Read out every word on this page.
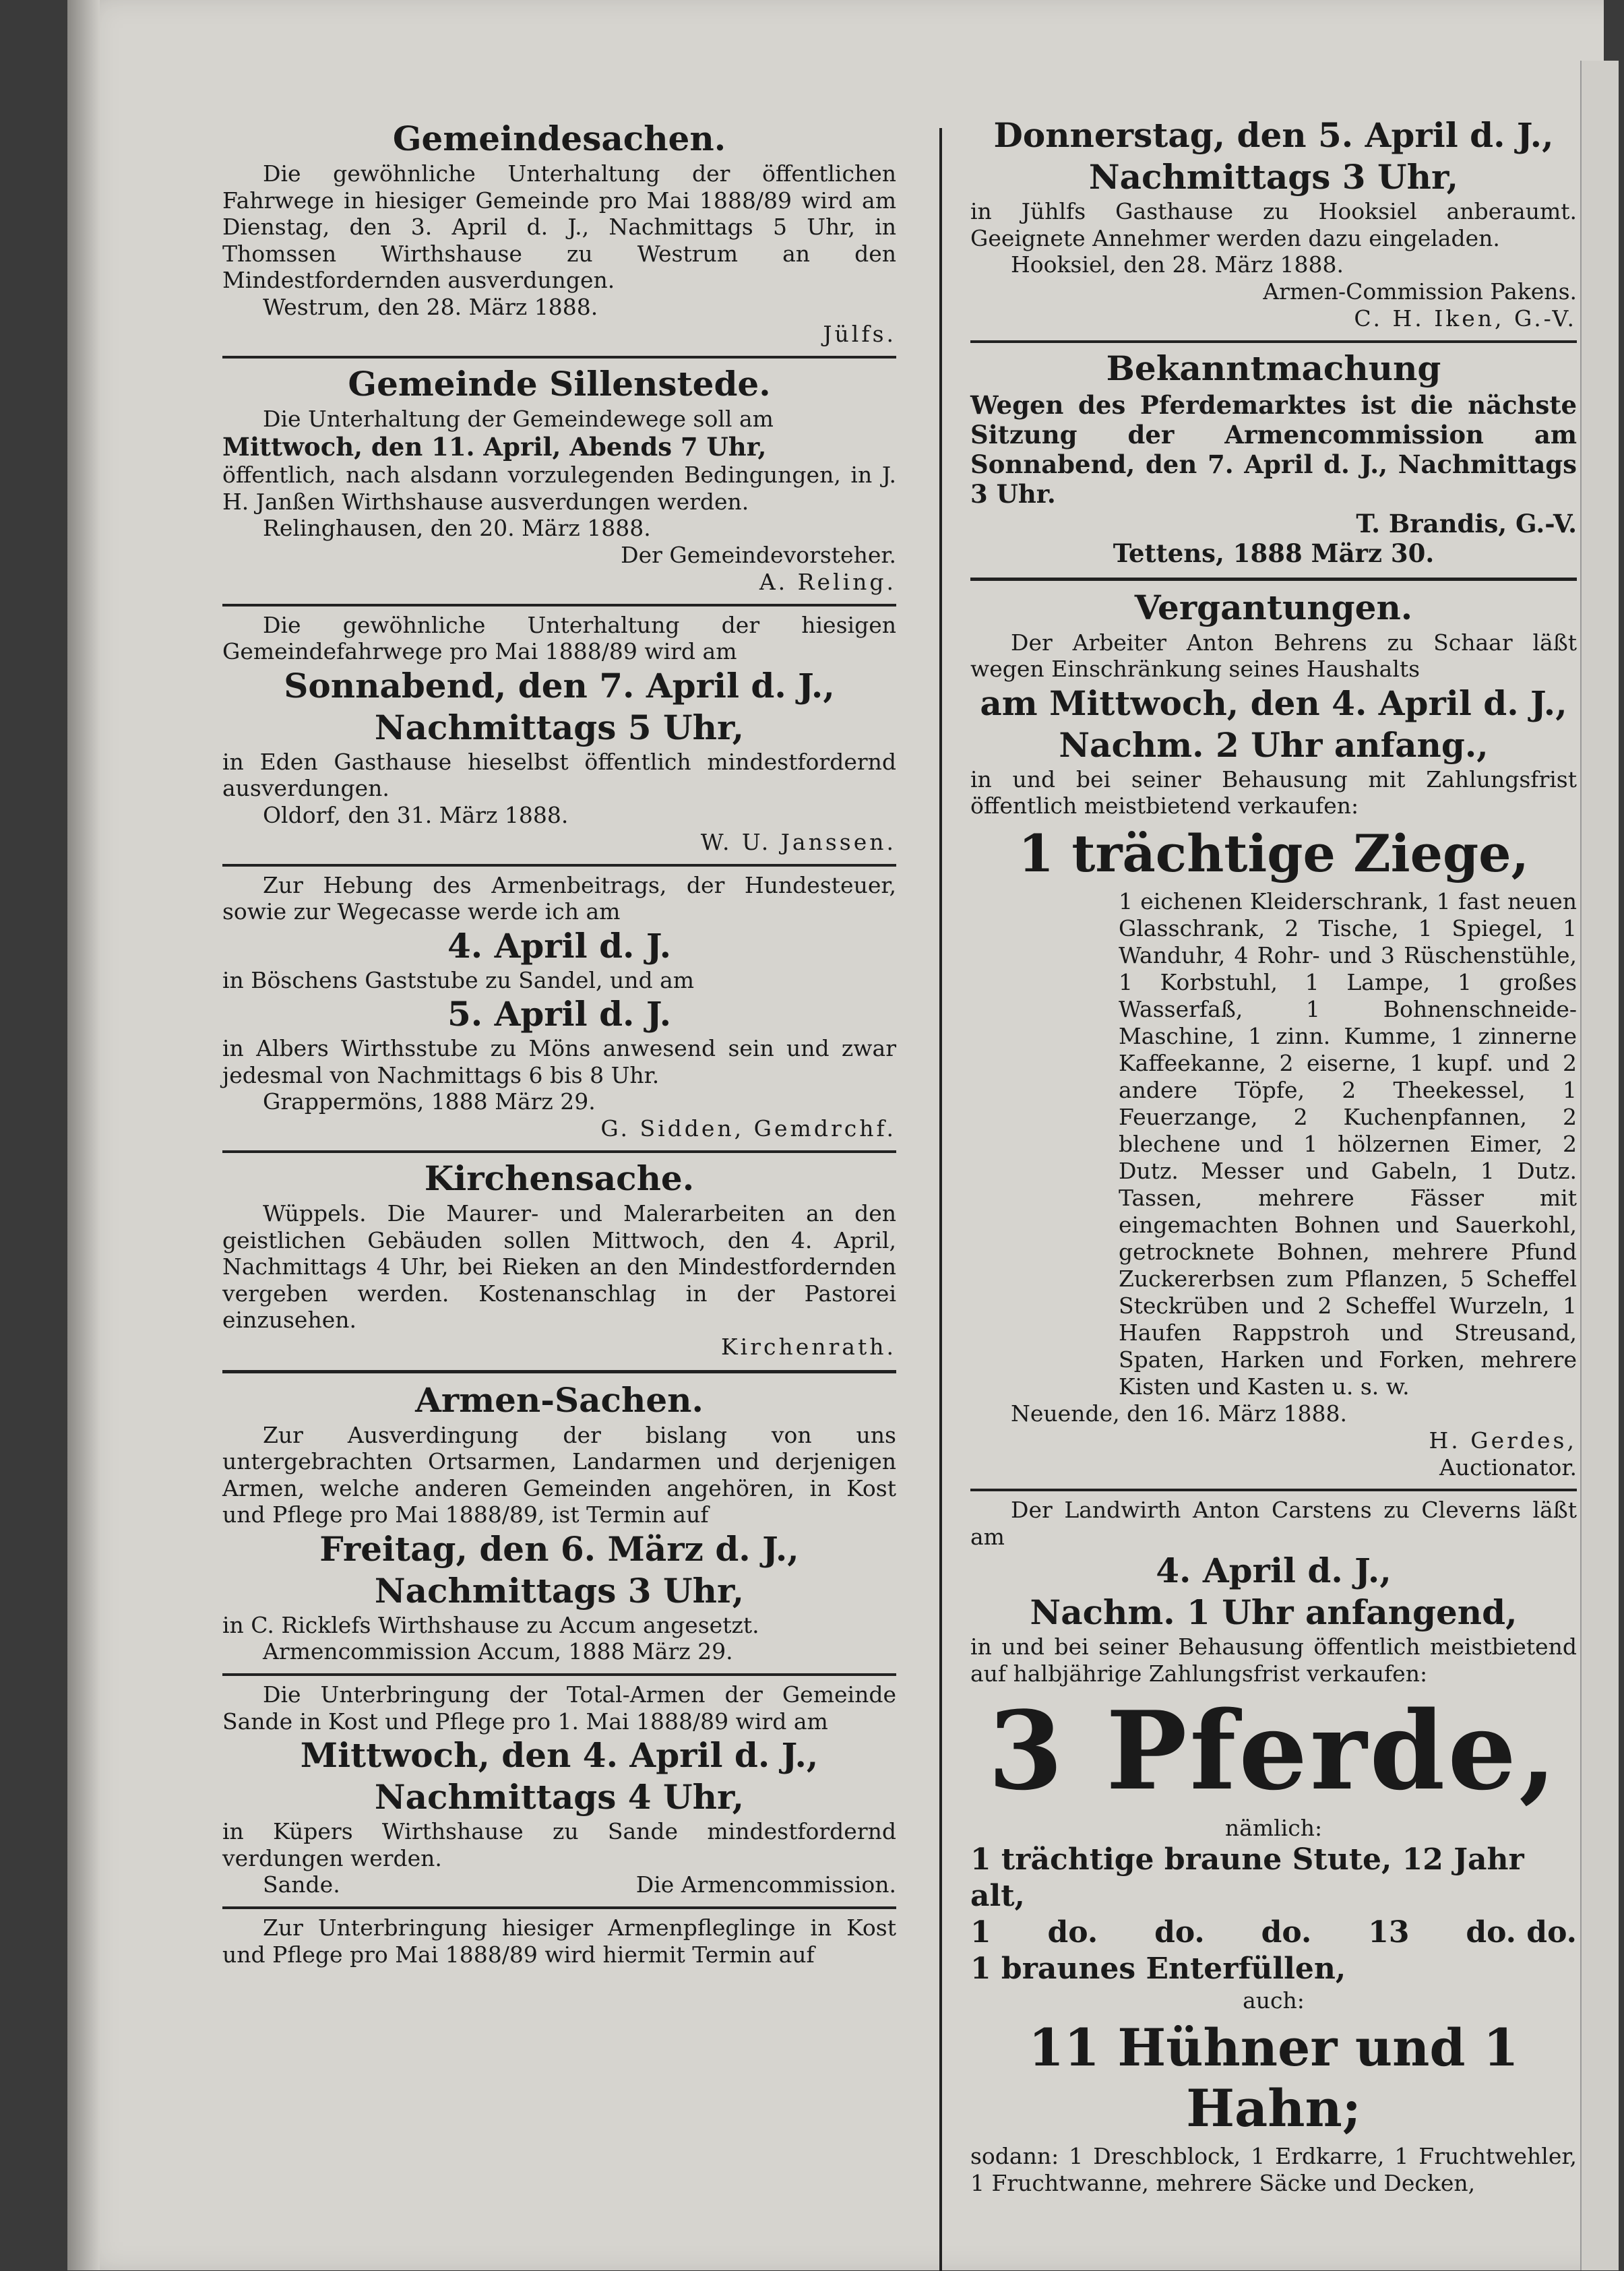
Gemeindesachen.

Die gewöhnliche Unterhaltung der öffentlichen Fahrwege in hiesiger Gemeinde pro Mai 1888/89 wird am Dienstag, den 3. April d. J., Nachmittags 5 Uhr, in Thomssen Wirthshause zu Westrum an den Mindestfordernden ausverdungen.

Westrum, den 28. März 1888.

Jülfs.

Gemeinde Sillenstede.

Die Unterhaltung der Gemeindewege soll am

Mittwoch, den 11. April, Abends 7 Uhr,

öffentlich, nach alsdann vorzulegenden Bedingungen, in J. H. Janßen Wirthshause ausverdungen werden.

Relinghausen, den 20. März 1888.

Der Gemeindevorsteher.

A. Reling.

Die gewöhnliche Unterhaltung der hiesigen Gemeindefahrwege pro Mai 1888/89 wird am

Sonnabend, den 7. April d. J.,

Nachmittags 5 Uhr,

in Eden Gasthause hieselbst öffentlich mindestfordernd ausverdungen.

Oldorf, den 31. März 1888.

W. U. Janssen.

Zur Hebung des Armenbeitrags, der Hundesteuer, sowie zur Wegecasse werde ich am

4. April d. J.

in Böschens Gaststube zu Sandel, und am

5. April d. J.

in Albers Wirthsstube zu Möns anwesend sein und zwar jedesmal von Nachmittags 6 bis 8 Uhr.

Grappermöns, 1888 März 29.

G. Sidden, Gemdrchf.

Kirchensache.

Wüppels. Die Maurer- und Malerarbeiten an den geistlichen Gebäuden sollen Mittwoch, den 4. April, Nachmittags 4 Uhr, bei Rieken an den Mindestfordernden vergeben werden. Kostenanschlag in der Pastorei einzusehen.

Kirchenrath.

Armen-Sachen.

Zur Ausverdingung der bislang von uns untergebrachten Ortsarmen, Landarmen und derjenigen Armen, welche anderen Gemeinden angehören, in Kost und Pflege pro Mai 1888/89, ist Termin auf

Freitag, den 6. März d. J.,

Nachmittags 3 Uhr,

in C. Ricklefs Wirthshause zu Accum angesetzt.

Armencommission Accum, 1888 März 29.

Die Unterbringung der Total-Armen der Gemeinde Sande in Kost und Pflege pro 1. Mai 1888/89 wird am

Mittwoch, den 4. April d. J.,

Nachmittags 4 Uhr,

in Küpers Wirthshause zu Sande mindestfordernd verdungen werden.

Sande.	Die Armencommission.

Zur Unterbringung hiesiger Armenpfleglinge in Kost und Pflege pro Mai 1888/89 wird hiermit Termin auf

Donnerstag, den 5. April d. J.,

Nachmittags 3 Uhr,

in Jühlfs Gasthause zu Hooksiel anberaumt. Geeignete Annehmer werden dazu eingeladen.

Hooksiel, den 28. März 1888.

Armen-Commission Pakens.

C. H. Iken, G.-V.

Bekanntmachung

Wegen des Pferdemarktes ist die nächste Sitzung der Armencommission am Sonnabend, den 7. April d. J., Nachmittags 3 Uhr.

T. Brandis, G.-V.

Tettens, 1888 März 30.

Vergantungen.

Der Arbeiter Anton Behrens zu Schaar läßt wegen Einschränkung seines Haushalts

am Mittwoch, den 4. April d. J.,

Nachm. 2 Uhr anfang.,

in und bei seiner Behausung mit Zahlungsfrist öffentlich meistbietend verkaufen:

1 trächtige Ziege,

1 eichenen Kleiderschrank, 1 fast neuen Glasschrank, 2 Tische, 1 Spiegel, 1 Wanduhr, 4 Rohr- und 3 Rüschenstühle, 1 Korbstuhl, 1 Lampe, 1 großes Wasserfaß, 1 Bohnenschneide-Maschine, 1 zinn. Kumme, 1 zinnerne Kaffeekanne, 2 eiserne, 1 kupf. und 2 andere Töpfe, 2 Theekessel, 1 Feuerzange, 2 Kuchenpfannen, 2 blechene und 1 hölzernen Eimer, 2 Dutz. Messer und Gabeln, 1 Dutz. Tassen, mehrere Fässer mit eingemachten Bohnen und Sauerkohl, getrocknete Bohnen, mehrere Pfund Zuckererbsen zum Pflanzen, 5 Scheffel Steckrüben und 2 Scheffel Wurzeln, 1 Haufen Rappstroh und Streusand, Spaten, Harken und Forken, mehrere Kisten und Kasten u. s. w.

Neuende, den 16. März 1888.

H. Gerdes,

Auctionator.

Der Landwirth Anton Carstens zu Cleverns läßt am

4. April d. J.,

Nachm. 1 Uhr anfangend,

in und bei seiner Behausung öffentlich meistbietend auf halbjährige Zahlungsfrist verkaufen:

3 Pferde,

nämlich:

1 trächtige braune Stute, 12 Jahr alt,

1 do. do. do. 13 do. do.

1 braunes Enterfüllen,

auch:

11 Hühner und 1 Hahn;

sodann: 1 Dreschblock, 1 Erdkarre, 1 Fruchtwehler, 1 Fruchtwanne, mehrere Säcke und Decken,
